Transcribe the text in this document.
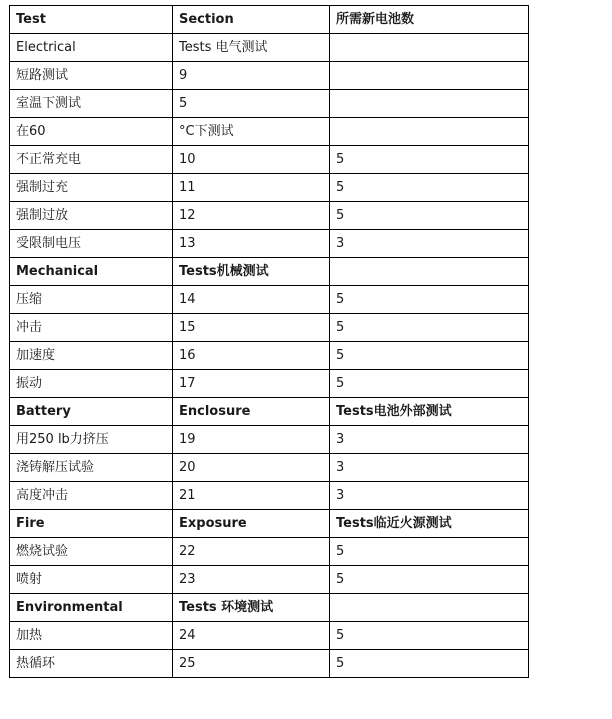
Test	Section	所需新电池数
Electrical	Tests 电气测试	
短路测试	9	
室温下测试	5	
在60	°C下测试	
不正常充电	10	5
强制过充	11	5
强制过放	12	5
受限制电压	13	3
Mechanical	Tests机械测试	
压缩	14	5
冲击	15	5
加速度	16	5
振动	17	5
Battery	Enclosure	Tests电池外部测试
用250 lb力挤压	19	3
浇铸解压试验	20	3
高度冲击	21	3
Fire	Exposure	Tests临近火源测试
燃烧试验	22	5
喷射	23	5
Environmental	Tests 环境测试	
加热	24	5
热循环	25	5
